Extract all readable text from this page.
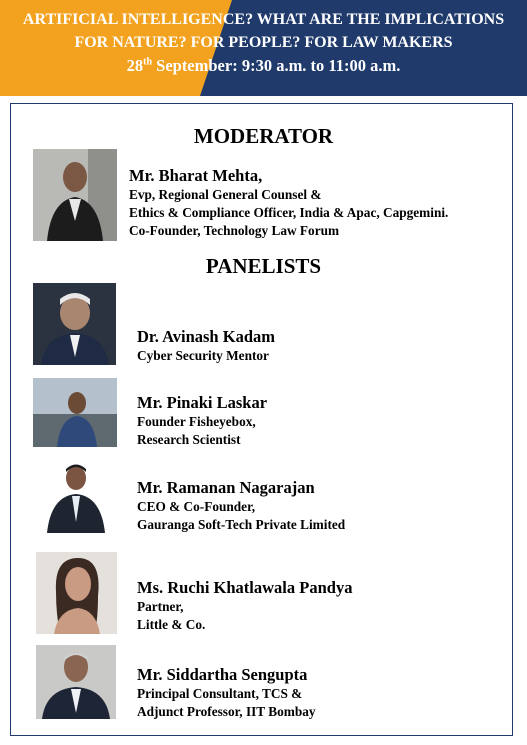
ARTIFICIAL INTELLIGENCE? WHAT ARE THE IMPLICATIONS
FOR NATURE? FOR PEOPLE? FOR LAW MAKERS
28th September: 9:30 a.m. to 11:00 a.m.
MODERATOR
Mr. Bharat Mehta,
Evp, Regional General Counsel &
Ethics & Compliance Officer, India & Apac, Capgemini.
Co-Founder, Technology Law Forum
PANELISTS
Dr. Avinash Kadam
Cyber Security Mentor
Mr. Pinaki Laskar
Founder Fisheyebox,
Research Scientist
Mr. Ramanan Nagarajan
CEO & Co-Founder,
Gauranga Soft-Tech Private Limited
Ms. Ruchi Khatlawala Pandya
Partner,
Little & Co.
Mr. Siddartha Sengupta
Principal Consultant, TCS &
Adjunct Professor, IIT Bombay
